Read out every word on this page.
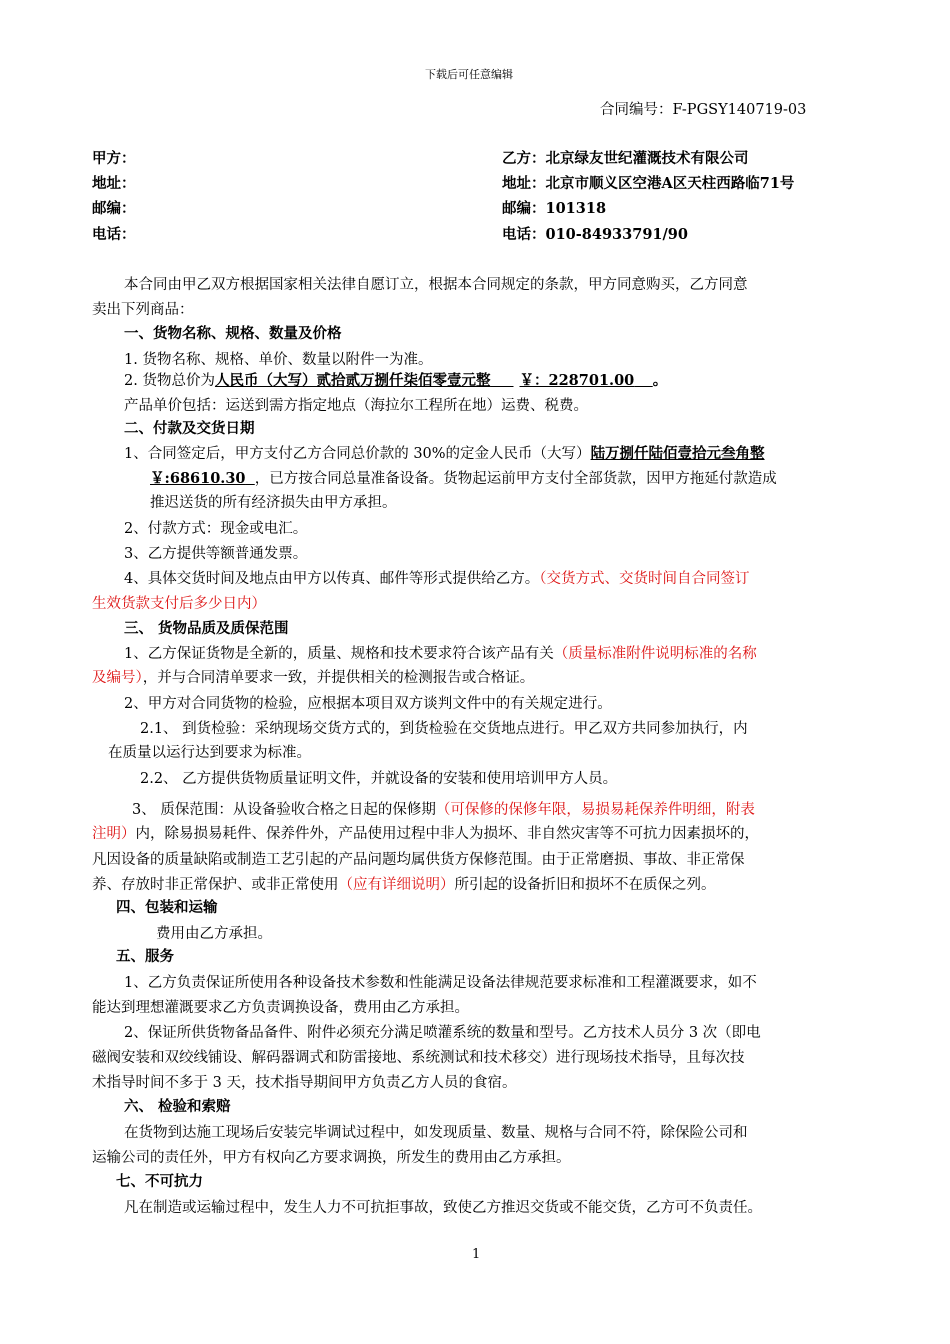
下载后可任意编辑
合同编号：F-PGSY140719-03
甲方：
地址：
邮编：
电话：
乙方：北京绿友世纪灌溉技术有限公司
地址：北京市顺义区空港A区天柱西路临71号
邮编：101318
电话：010-84933791/90
本合同由甲乙双方根据国家相关法律自愿订立，根据本合同规定的条款，甲方同意购买，乙方同意
卖出下列商品：
一、货物名称、规格、数量及价格
1. 货物名称、规格、单价、数量以附件一为准。
2. 货物总价为人民币（大写）贰拾贰万捌仟柒佰零壹元整 ￥：228701.00 。
产品单价包括：运送到需方指定地点（海拉尔工程所在地）运费、税费。
二、付款及交货日期
1、合同签定后，甲方支付乙方合同总价款的 30%的定金人民币（大写）陆万捌仟陆佰壹拾元叁角整
￥:68610.30 ，已方按合同总量准备设备。货物起运前甲方支付全部货款，因甲方拖延付款造成
推迟送货的所有经济损失由甲方承担。
2、付款方式：现金或电汇。
3、乙方提供等额普通发票。
4、具体交货时间及地点由甲方以传真、邮件等形式提供给乙方。（交货方式、交货时间自合同签订
生效货款支付后多少日内）
三、 货物品质及质保范围
1、乙方保证货物是全新的，质量、规格和技术要求符合该产品有关（质量标准附件说明标准的名称
及编号），并与合同清单要求一致，并提供相关的检测报告或合格证。
2、甲方对合同货物的检验，应根据本项目双方谈判文件中的有关规定进行。
2.1、 到货检验：采纳现场交货方式的，到货检验在交货地点进行。甲乙双方共同参加执行，内
在质量以运行达到要求为标准。
2.2、 乙方提供货物质量证明文件，并就设备的安装和使用培训甲方人员。
3、 质保范围：从设备验收合格之日起的保修期（可保修的保修年限，易损易耗保养件明细，附表
注明）内，除易损易耗件、保养件外，产品使用过程中非人为损坏、非自然灾害等不可抗力因素损坏的，
凡因设备的质量缺陷或制造工艺引起的产品问题均属供货方保修范围。由于正常磨损、事故、非正常保
养、存放时非正常保护、或非正常使用（应有详细说明）所引起的设备折旧和损坏不在质保之列。
四、包装和运输
费用由乙方承担。
五、服务
1、乙方负责保证所使用各种设备技术参数和性能满足设备法律规范要求标准和工程灌溉要求，如不
能达到理想灌溉要求乙方负责调换设备，费用由乙方承担。
2、保证所供货物备品备件、附件必须充分满足喷灌系统的数量和型号。乙方技术人员分 3 次（即电
磁阀安装和双绞线铺设、解码器调式和防雷接地、系统测试和技术移交）进行现场技术指导，且每次技
术指导时间不多于 3 天，技术指导期间甲方负责乙方人员的食宿。
六、 检验和索赔
在货物到达施工现场后安装完毕调试过程中，如发现质量、数量、规格与合同不符，除保险公司和
运输公司的责任外，甲方有权向乙方要求调换，所发生的费用由乙方承担。
七、不可抗力
凡在制造或运输过程中，发生人力不可抗拒事故，致使乙方推迟交货或不能交货，乙方可不负责任。
1
